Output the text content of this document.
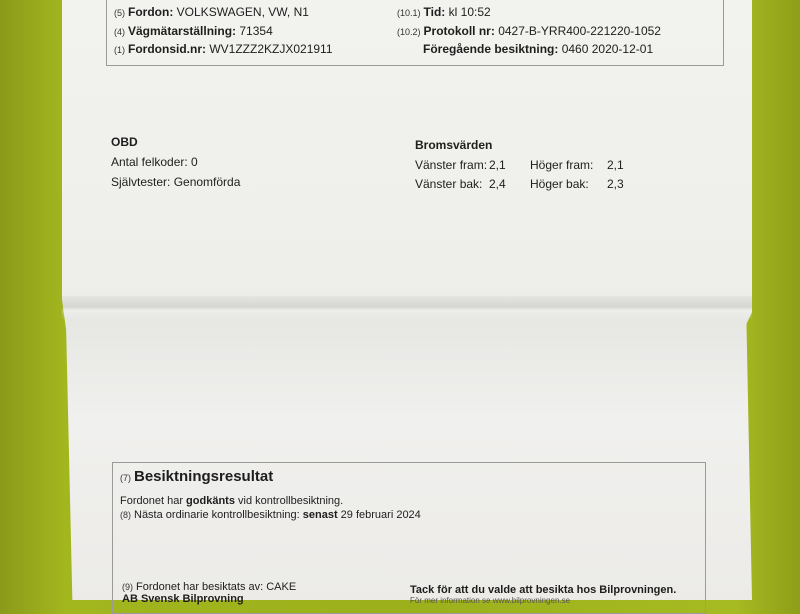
(5) Fordon: VOLKSWAGEN, VW, N1
(4) Vägmätarställning: 71354
(1) Fordonsid.nr: WV1ZZZ2KZJX021911
(10.1) Tid: kl 10:52
(10.2) Protokoll nr: 0427-B-YRR400-221220-1052
Föregående besiktning: 0460 2020-12-01
OBD
Antal felkoder: 0
Självtester: Genomförda
Bromsvärden
Vänster fram: 2,1 Höger fram: 2,1
Vänster bak: 2,4 Höger bak: 2,3
(7) Besiktningsresultat
Fordonet har godkänts vid kontrollbesiktning.
(8) Nästa ordinarie kontrollbesiktning: senast 29 februari 2024
(9) Fordonet har besiktats av: CAKE
AB Svensk Bilprovning
Tack för att du valde att besikta hos Bilprovningen.
För mer information se www.bilprovningen.se
